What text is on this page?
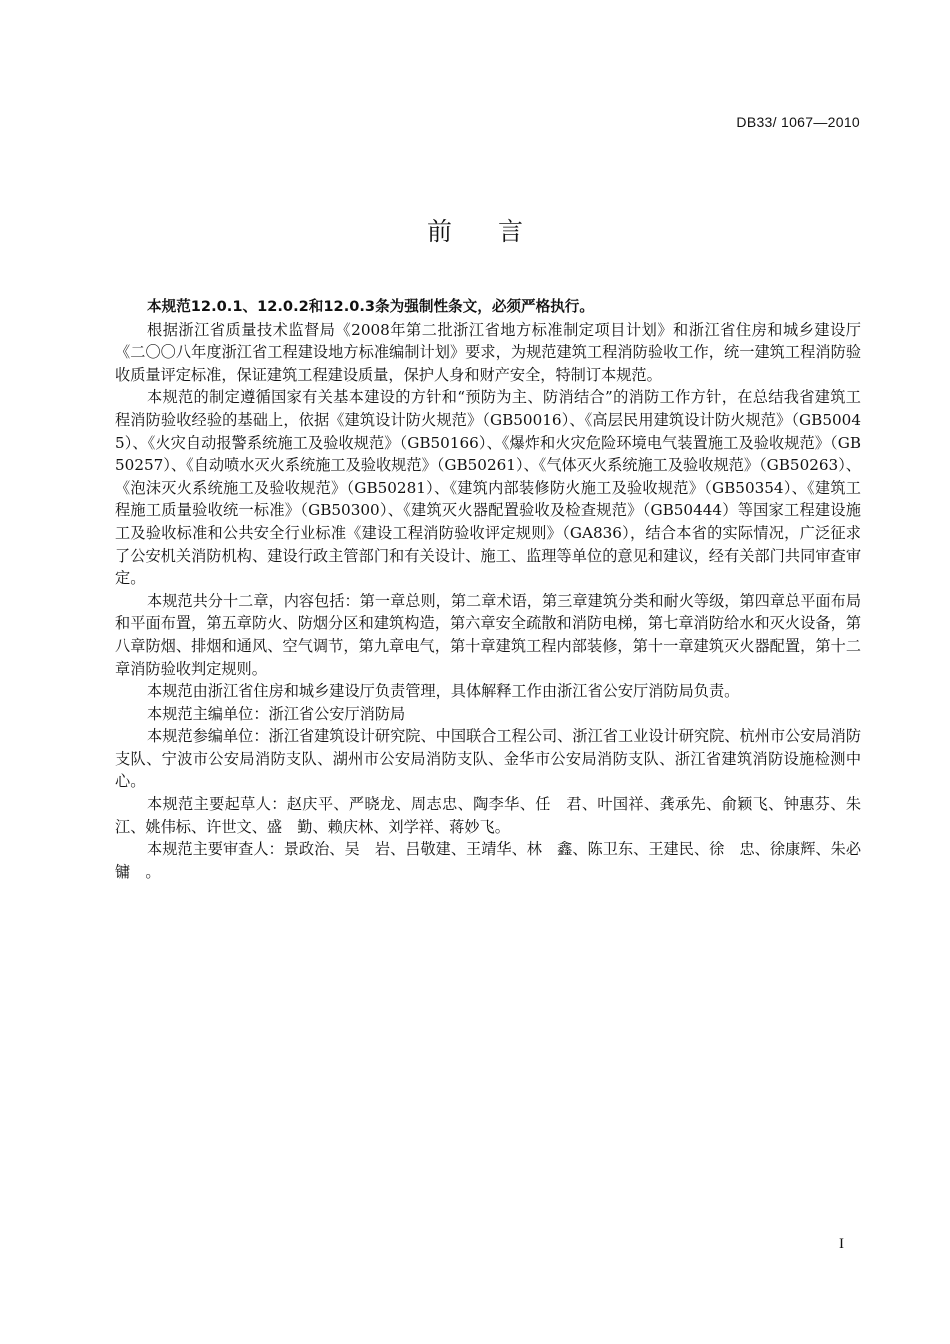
DB33/ 1067—2010
前言

本规范12.0.1、12.0.2和12.0.3条为强制性条文，必须严格执行。

根据浙江省质量技术监督局《2008年第二批浙江省地方标准制定项目计划》和浙江省住房和城乡建设厅《二〇〇八年度浙江省工程建设地方标准编制计划》要求，为规范建筑工程消防验收工作，统一建筑工程消防验收质量评定标准，保证建筑工程建设质量，保护人身和财产安全，特制订本规范。

本规范的制定遵循国家有关基本建设的方针和“预防为主、防消结合”的消防工作方针，在总结我省建筑工程消防验收经验的基础上，依据《建筑设计防火规范》（GB50016）、《高层民用建筑设计防火规范》（GB50045）、《火灾自动报警系统施工及验收规范》（GB50166）、《爆炸和火灾危险环境电气装置施工及验收规范》（GB50257）、《自动喷水灭火系统施工及验收规范》（GB50261）、《气体灭火系统施工及验收规范》（GB50263）、《泡沫灭火系统施工及验收规范》（GB50281）、《建筑内部装修防火施工及验收规范》（GB50354）、《建筑工程施工质量验收统一标准》（GB50300）、《建筑灭火器配置验收及检查规范》（GB50444）等国家工程建设施工及验收标准和公共安全行业标准《建设工程消防验收评定规则》（GA836），结合本省的实际情况，广泛征求了公安机关消防机构、建设行政主管部门和有关设计、施工、监理等单位的意见和建议，经有关部门共同审查审定。

本规范共分十二章，内容包括：第一章总则，第二章术语，第三章建筑分类和耐火等级，第四章总平面布局和平面布置，第五章防火、防烟分区和建筑构造，第六章安全疏散和消防电梯，第七章消防给水和灭火设备，第八章防烟、排烟和通风、空气调节，第九章电气，第十章建筑工程内部装修，第十一章建筑灭火器配置，第十二章消防验收判定规则。

本规范由浙江省住房和城乡建设厅负责管理，具体解释工作由浙江省公安厅消防局负责。

本规范主编单位：浙江省公安厅消防局

本规范参编单位：浙江省建筑设计研究院、中国联合工程公司、浙江省工业设计研究院、杭州市公安局消防支队、宁波市公安局消防支队、湖州市公安局消防支队、金华市公安局消防支队、浙江省建筑消防设施检测中心。

本规范主要起草人：赵庆平、严晓龙、周志忠、陶李华、任　君、叶国祥、龚承先、俞颖飞、钟惠芬、朱　江、姚伟标、许世文、盛　勤、赖庆林、刘学祥、蒋妙飞。

本规范主要审查人：景政治、吴　岩、吕敬建、王靖华、林　鑫、陈卫东、王建民、徐　忠、徐康辉、朱必镛　。

I
